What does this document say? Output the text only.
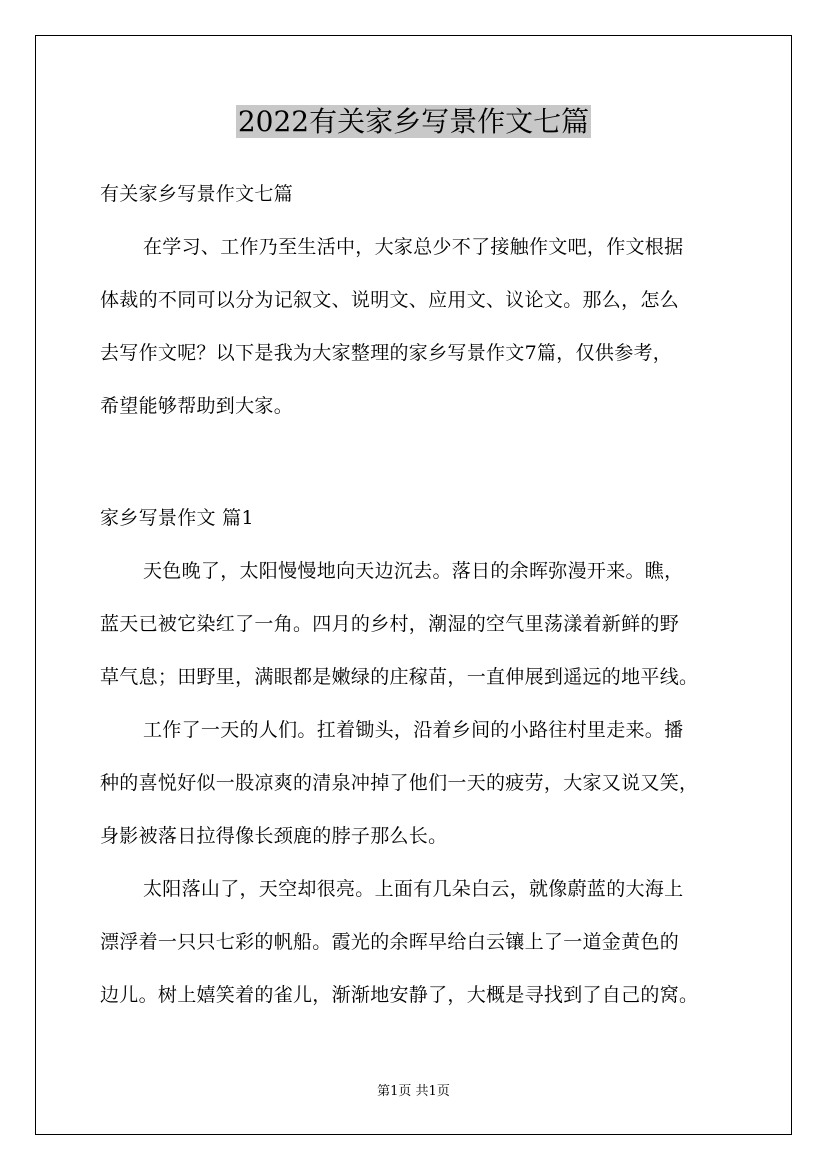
2022有关家乡写景作文七篇
有关家乡写景作文七篇
在学习、工作乃至生活中，大家总少不了接触作文吧，作文根据
体裁的不同可以分为记叙文、说明文、应用文、议论文。那么，怎么
去写作文呢？以下是我为大家整理的家乡写景作文7篇，仅供参考，
希望能够帮助到大家。
家乡写景作文 篇1
天色晚了，太阳慢慢地向天边沉去。落日的余晖弥漫开来。瞧，
蓝天已被它染红了一角。四月的乡村，潮湿的空气里荡漾着新鲜的野
草气息；田野里，满眼都是嫩绿的庄稼苗，一直伸展到遥远的地平线。
工作了一天的人们。扛着锄头，沿着乡间的小路往村里走来。播
种的喜悦好似一股凉爽的清泉冲掉了他们一天的疲劳，大家又说又笑，
身影被落日拉得像长颈鹿的脖子那么长。
太阳落山了，天空却很亮。上面有几朵白云，就像蔚蓝的大海上
漂浮着一只只七彩的帆船。霞光的余晖早给白云镶上了一道金黄色的
边儿。树上嬉笑着的雀儿，渐渐地安静了，大概是寻找到了自己的窝。
第1页 共1页
